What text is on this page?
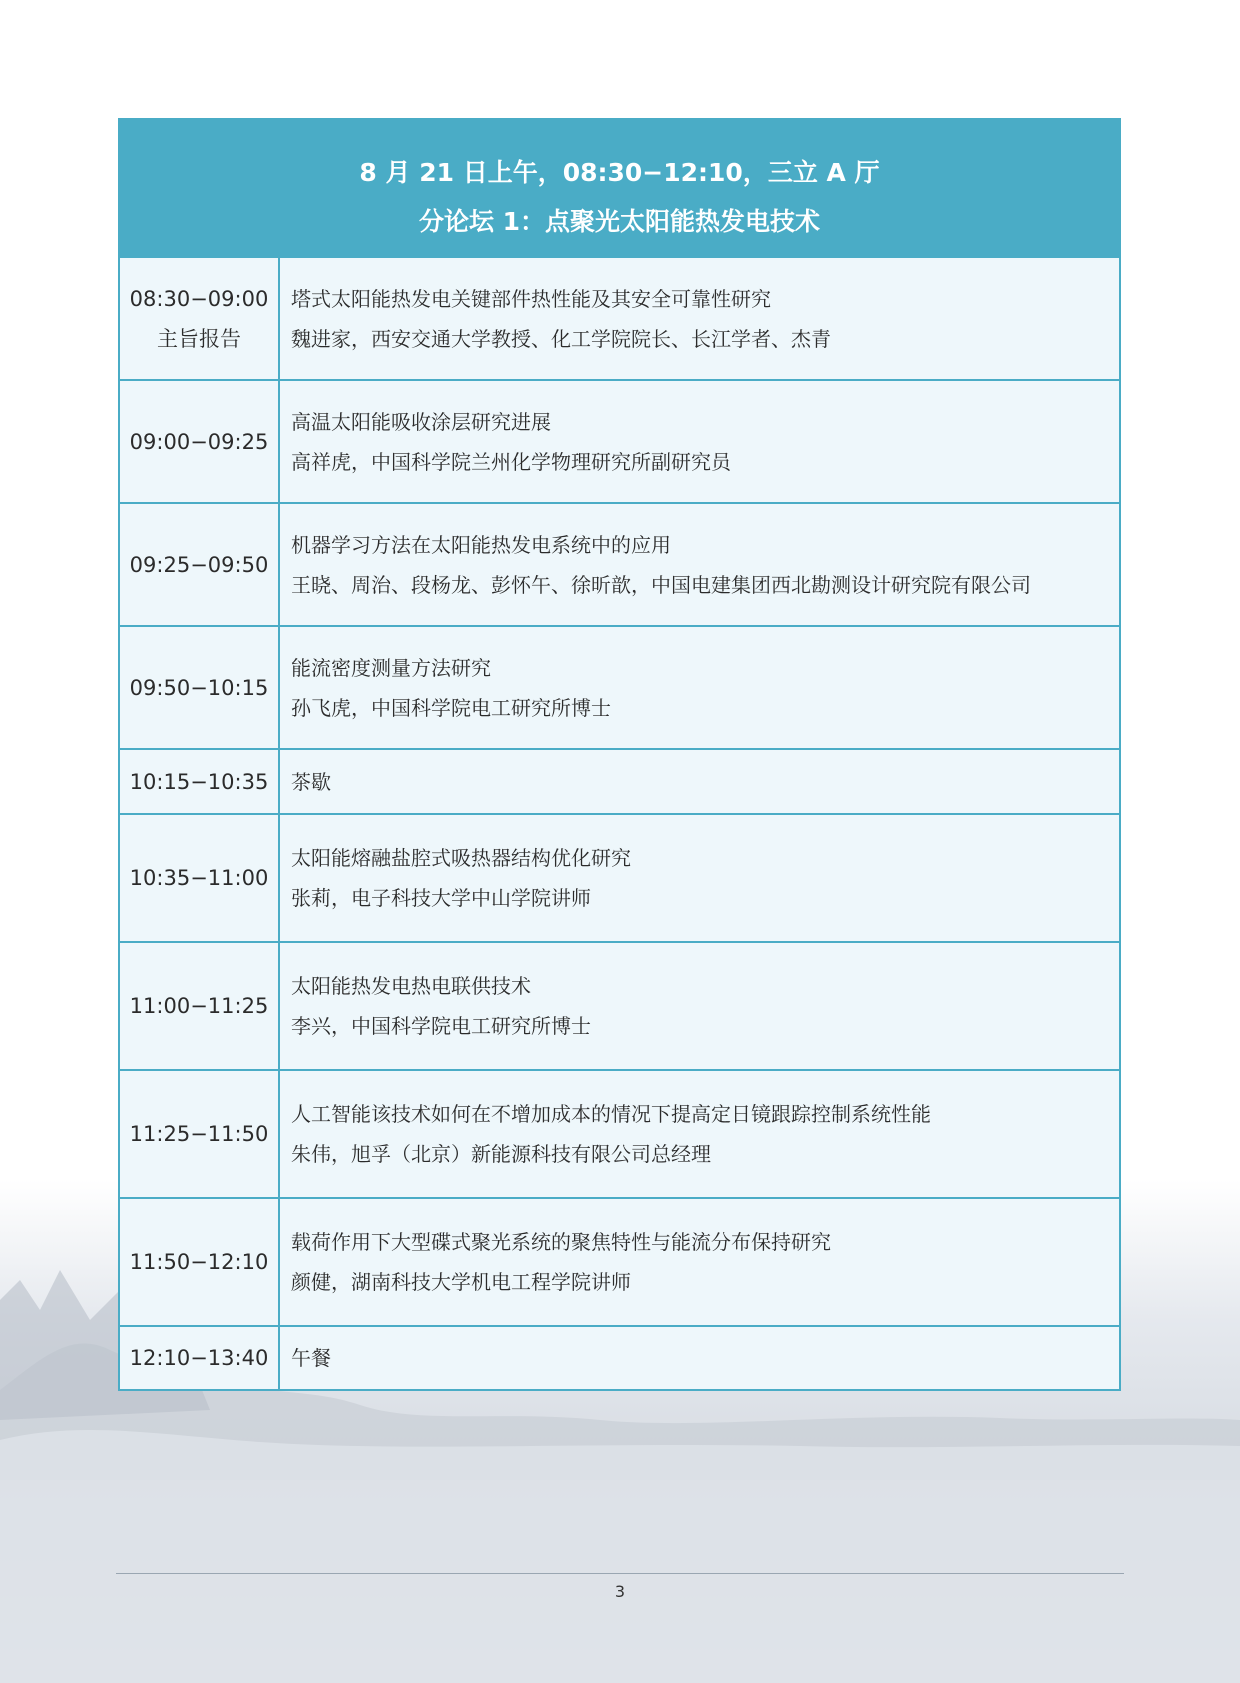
8 月 21 日上午，08:30−12:10，三立 A 厅
分论坛 1：点聚光太阳能热发电技术
08:30−09:00
主旨报告
塔式太阳能热发电关键部件热性能及其安全可靠性研究
魏进家，西安交通大学教授、化工学院院长、长江学者、杰青
09:00−09:25
高温太阳能吸收涂层研究进展
高祥虎，中国科学院兰州化学物理研究所副研究员
09:25−09:50
机器学习方法在太阳能热发电系统中的应用
王晓、周治、段杨龙、彭怀午、徐昕歆，中国电建集团西北勘测设计研究院有限公司
09:50−10:15
能流密度测量方法研究
孙飞虎，中国科学院电工研究所博士
10:15−10:35 茶歇
10:35−11:00
太阳能熔融盐腔式吸热器结构优化研究
张莉，电子科技大学中山学院讲师
11:00−11:25
太阳能热发电热电联供技术
李兴，中国科学院电工研究所博士
11:25−11:50
人工智能该技术如何在不增加成本的情况下提高定日镜跟踪控制系统性能
朱伟，旭孚（北京）新能源科技有限公司总经理
11:50−12:10
载荷作用下大型碟式聚光系统的聚焦特性与能流分布保持研究
颜健，湖南科技大学机电工程学院讲师
12:10−13:40 午餐
3
